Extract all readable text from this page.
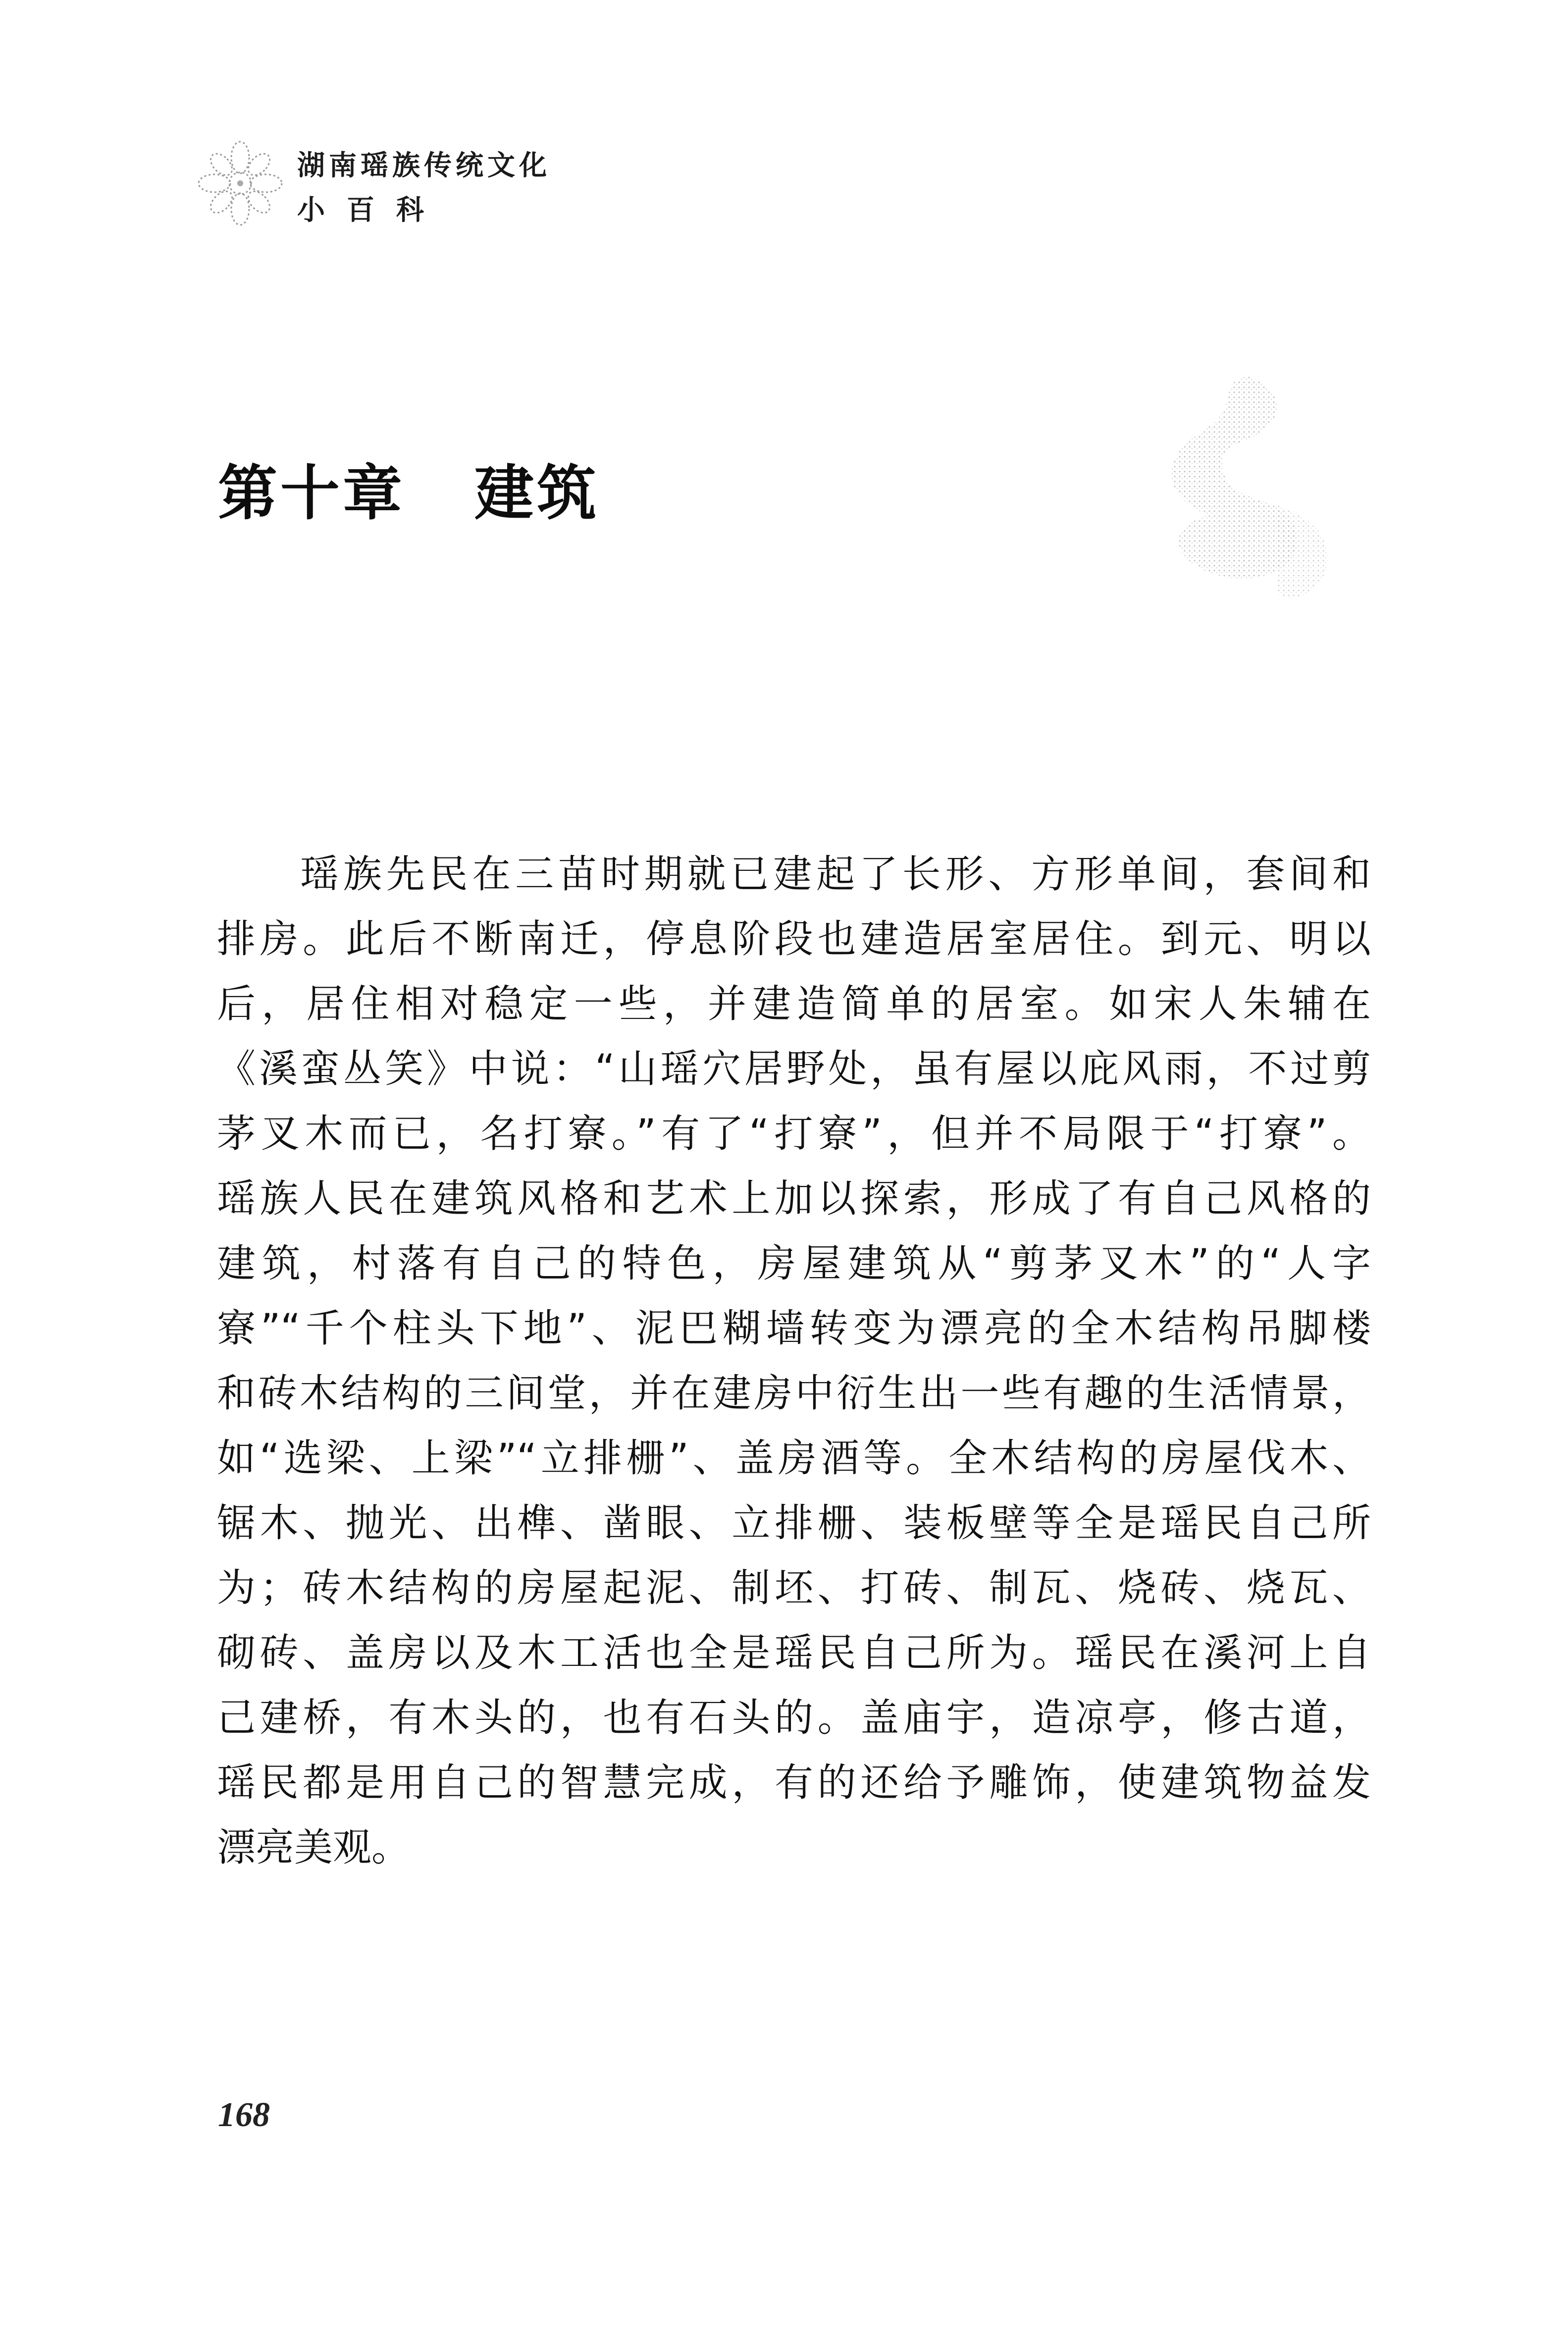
湖南瑶族传统文化
小百科
第十章 建筑
瑶族先民在三苗时期就已建起了长形、方形单间，套间和
排房。此后不断南迁，停息阶段也建造居室居住。到元、明以
后，居住相对稳定一些，并建造简单的居室。如宋人朱辅在
《溪蛮丛笑》中说：“山瑶穴居野处，虽有屋以庇风雨，不过剪
茅叉木而已，名打寮。”有了“打寮”，但并不局限于“打寮”。
瑶族人民在建筑风格和艺术上加以探索，形成了有自己风格的
建筑，村落有自己的特色，房屋建筑从“剪茅叉木”的“人字
寮”“千个柱头下地”、泥巴糊墙转变为漂亮的全木结构吊脚楼
和砖木结构的三间堂，并在建房中衍生出一些有趣的生活情景，
如“选梁、上梁”“立排栅”、盖房酒等。全木结构的房屋伐木、
锯木、抛光、出榫、凿眼、立排栅、装板壁等全是瑶民自己所
为；砖木结构的房屋起泥、制坯、打砖、制瓦、烧砖、烧瓦、
砌砖、盖房以及木工活也全是瑶民自己所为。瑶民在溪河上自
己建桥，有木头的，也有石头的。盖庙宇，造凉亭，修古道，
瑶民都是用自己的智慧完成，有的还给予雕饰，使建筑物益发
漂亮美观。
168
